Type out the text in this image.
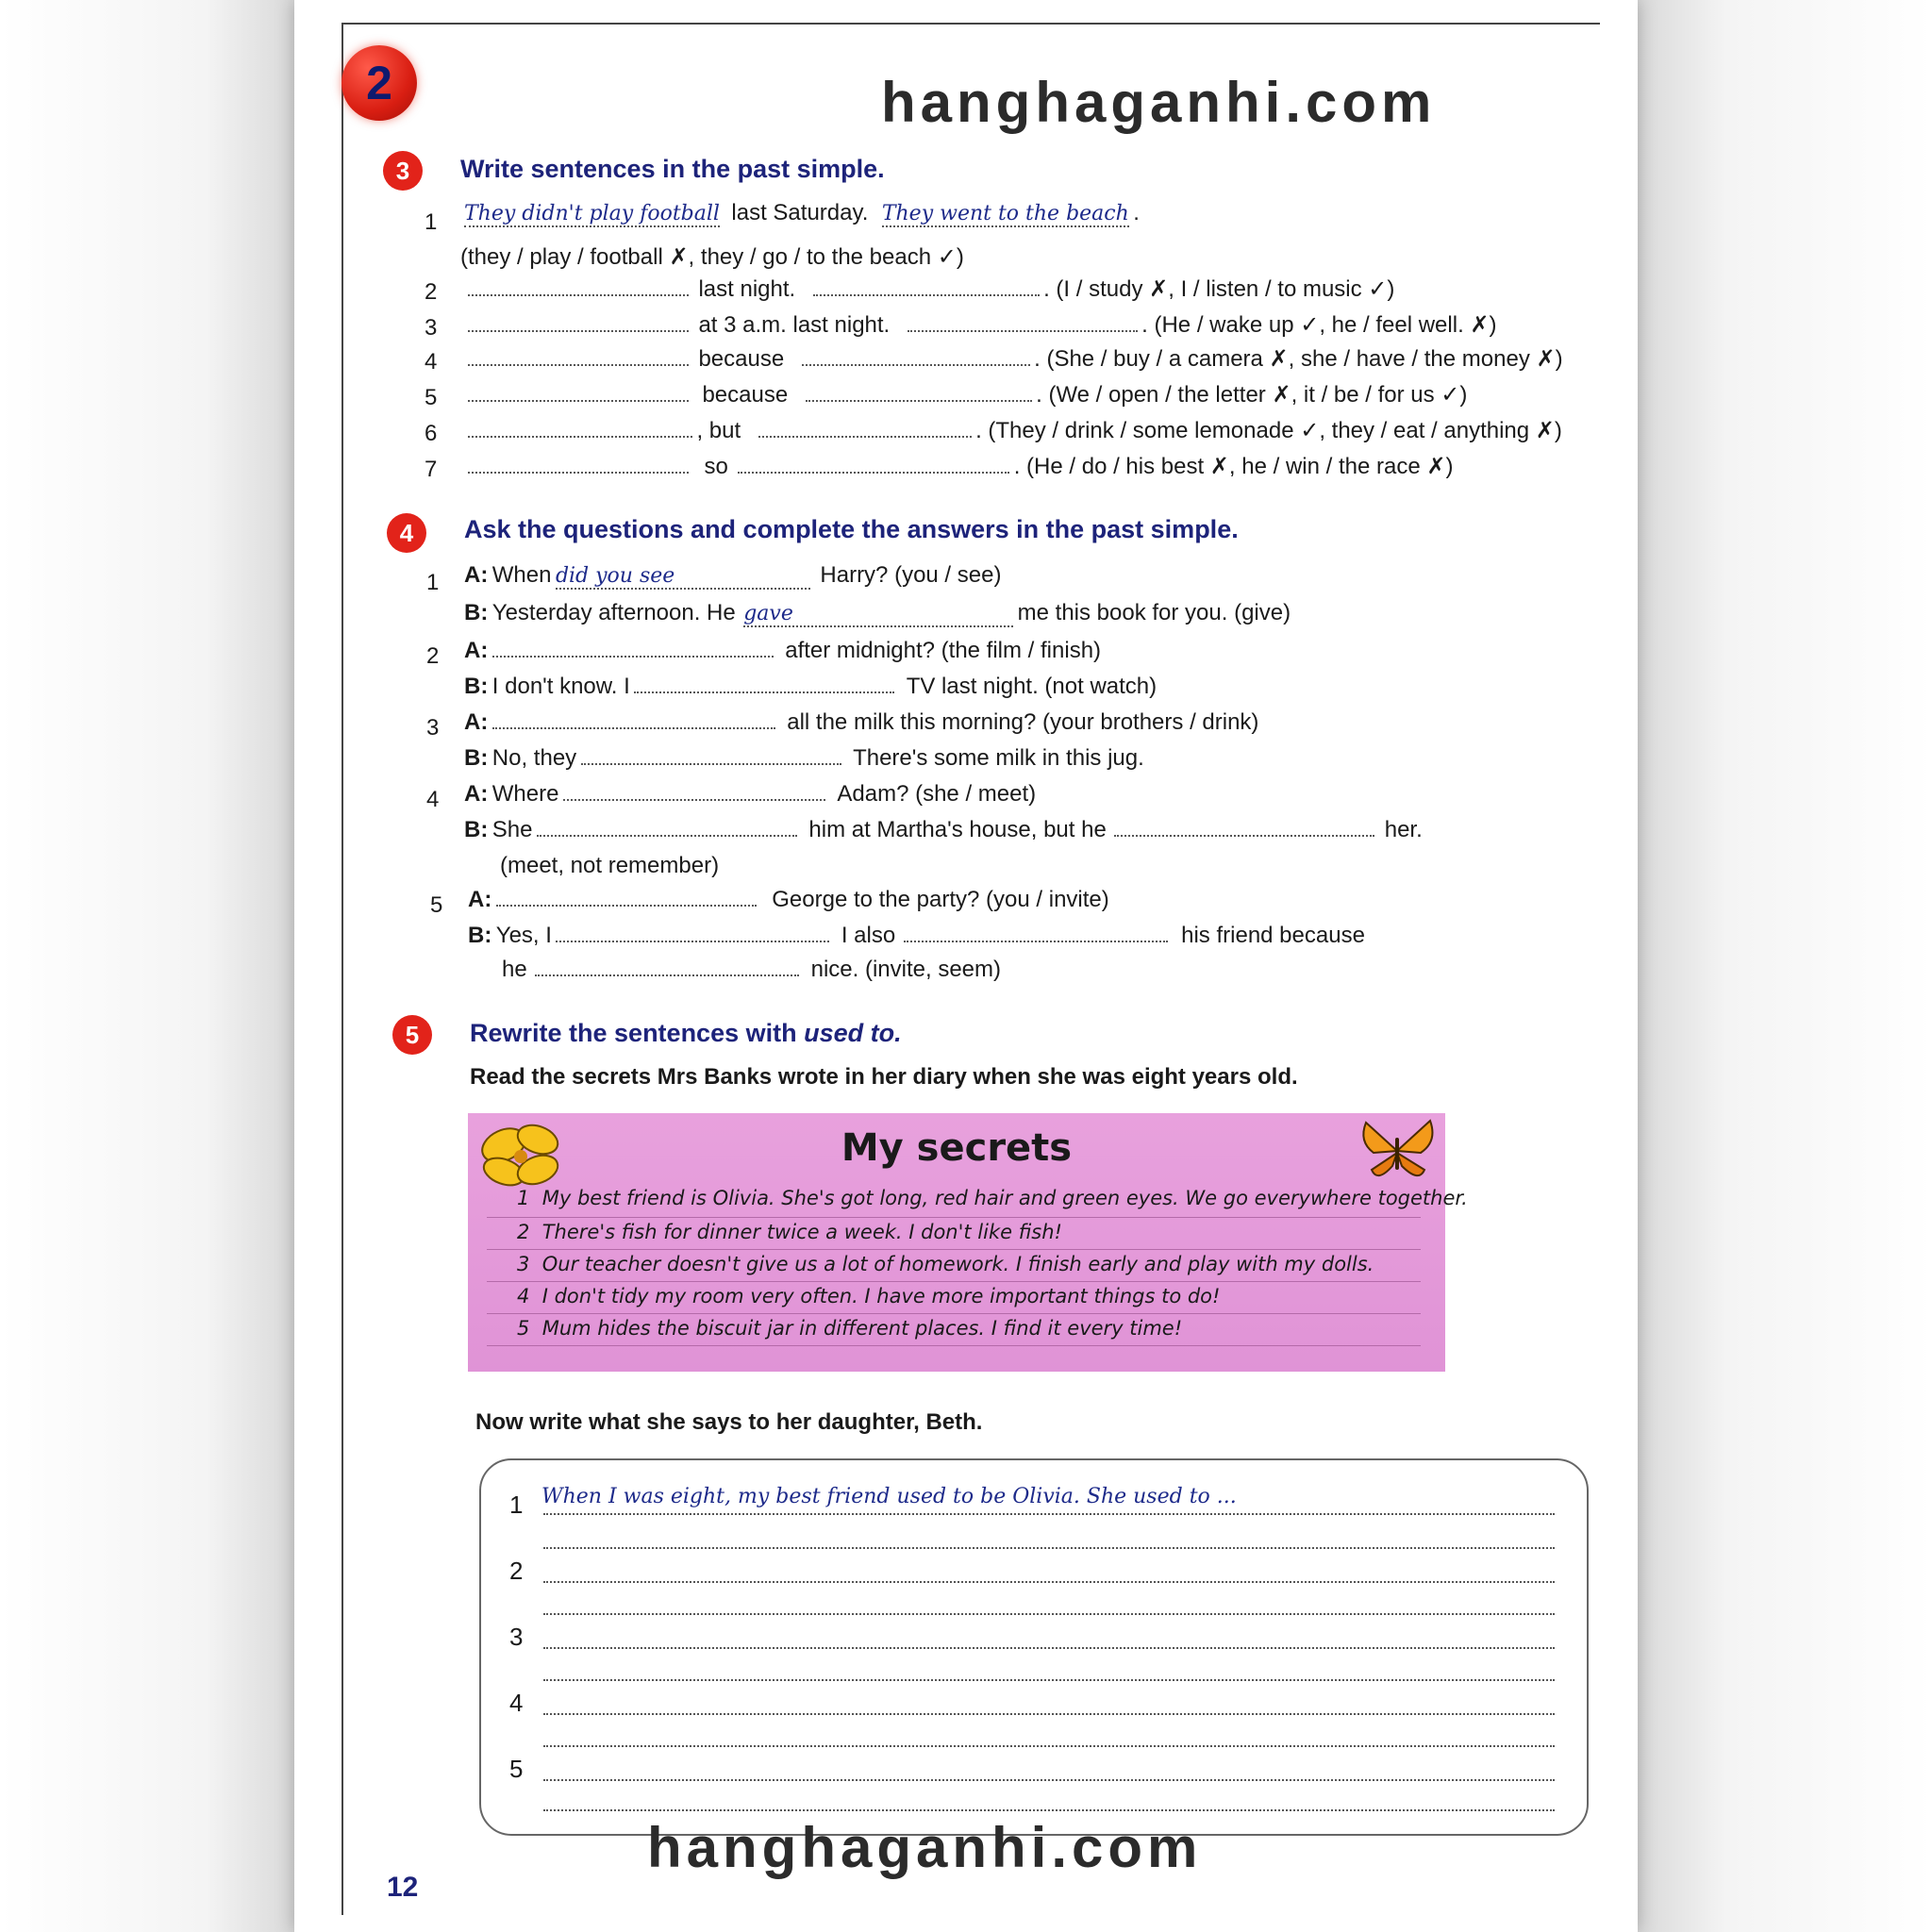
2	hanghaganhi.com
3	Write sentences in the past simple.
1 They didn't play football last Saturday. They went to the beach .
(they / play / football ✗, they / go / to the beach ✓)
2	last night.	. (I / study ✗, I / listen / to music ✓)
3	at 3 a.m. last night.	. (He / wake up ✓, he / feel well. ✗)
4	because	. (She / buy / a camera ✗, she / have / the money ✗)
5	because	. (We / open / the letter ✗, it / be / for us ✓)
6	, but	. (They / drink / some lemonade ✓, they / eat / anything ✗)
7	so	. (He / do / his best ✗, he / win / the race ✗)
4	Ask the questions and complete the answers in the past simple.
1 A: When did you see	Harry? (you / see)
B: Yesterday afternoon. He gave	me this book for you. (give)
2 A:	after midnight? (the film / finish)
B: I don't know. I	TV last night. (not watch)
3 A:	all the milk this morning? (your brothers / drink)
B: No, they	There's some milk in this jug.
4 A: Where	Adam? (she / meet)
B: She	him at Martha's house, but he	her.
(meet, not remember)
5 A:	George to the party? (you / invite)
B: Yes, I	I also	his friend because
he	nice. (invite, seem)
5	Rewrite the sentences with used to.
Read the secrets Mrs Banks wrote in her diary when she was eight years old.
My secrets
1 My best friend is Olivia. She's got long, red hair and green eyes. We go everywhere together.
2 There's fish for dinner twice a week. I don't like fish!
3 Our teacher doesn't give us a lot of homework. I finish early and play with my dolls.
4 I don't tidy my room very often. I have more important things to do!
5 Mum hides the biscuit jar in different places. I find it every time!
Now write what she says to her daughter, Beth.
1 When I was eight, my best friend used to be Olivia. She used to ...
2
3
4
5
hanghaganhi.com
12
